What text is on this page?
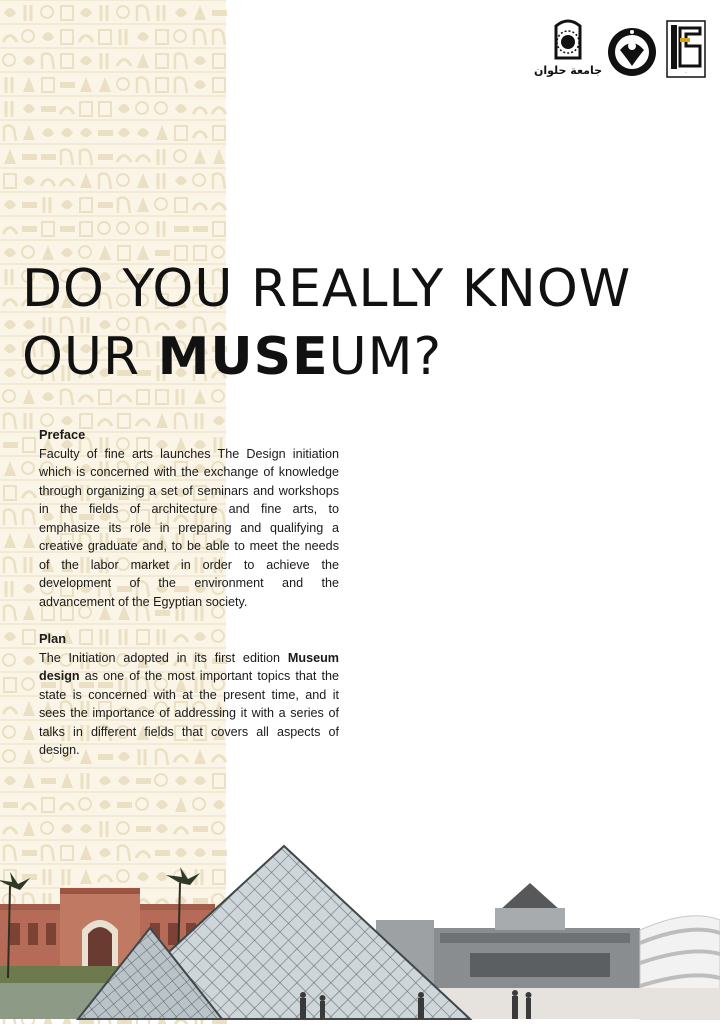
جامعة حلوان	·
DO YOU REALLY KNOW
OUR MUSEUM?
Preface

Faculty of fine arts launches The Design initiation which is concerned with the exchange of knowledge through organizing a set of seminars and workshops in the fields of architecture and fine arts, to emphasize its role in preparing and qualifying a creative graduate and, to be able to meet the needs of the labor market in order to achieve the development of the environment and the advancement of the Egyptian society.

Plan

The Initiation adopted in its first edition Museum design as one of the most important topics that the state is concerned with at the present time, and it sees the importance of addressing it with a series of talks in different fields that covers all aspects of design.
